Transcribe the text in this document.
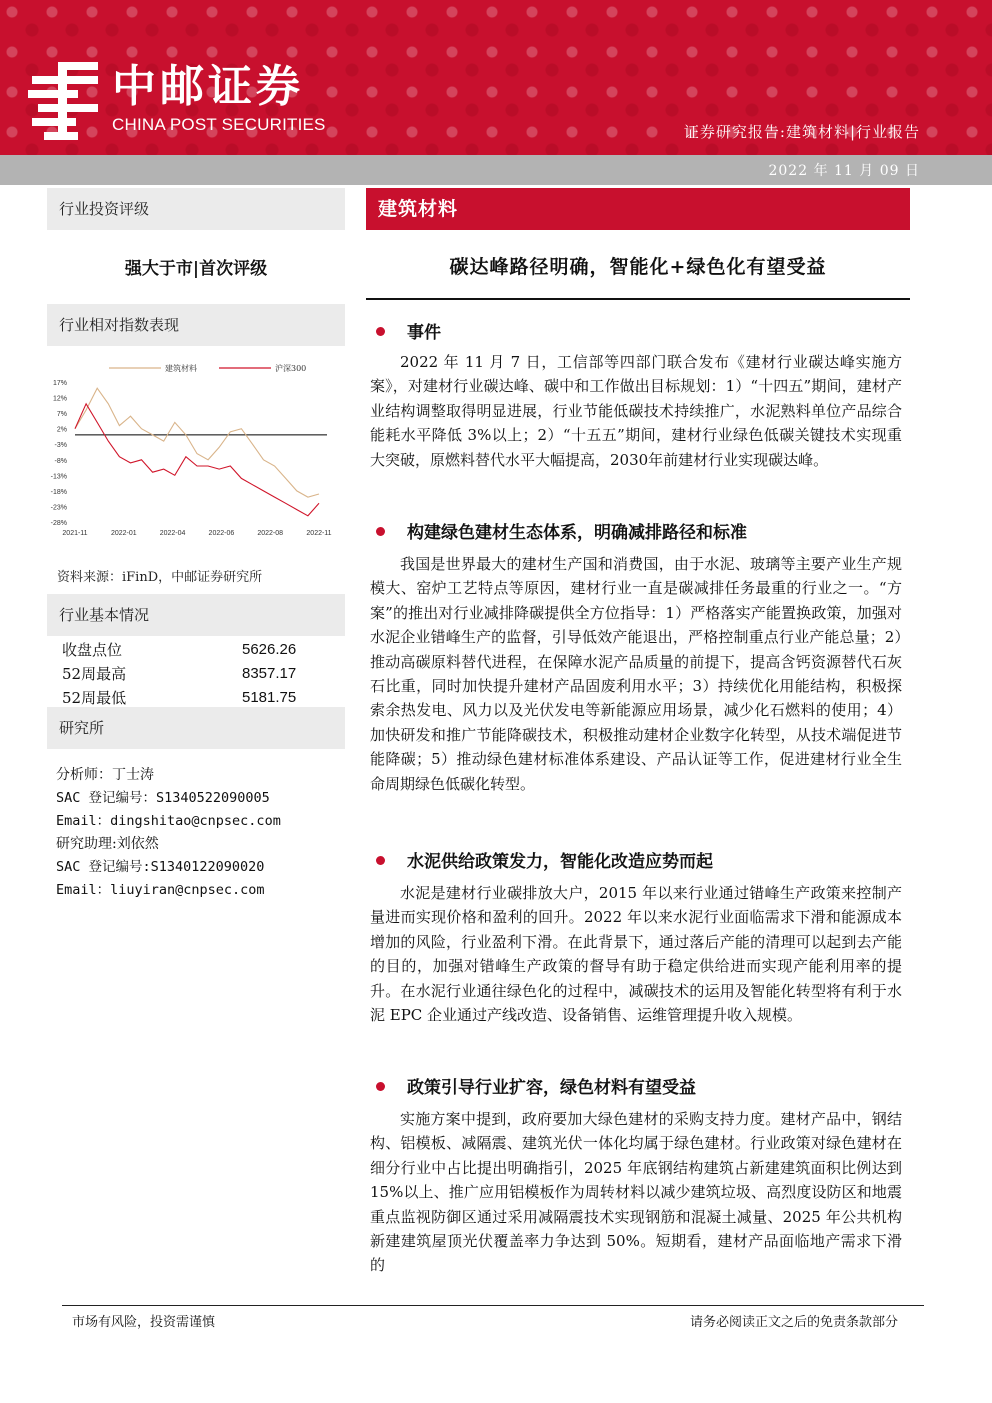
中邮证券
CHINA POST SECURITIES	证券研究报告:建筑材料|行业报告
2022 年 11 月 09 日
行业投资评级
强大于市|首次评级
行业相对指数表现
17%
12%
7%
2%
-3%
-8%
-13%
-18%
-23%
-28%
2021-11	2022-01	2022-04	2022-06	2022-08	2022-11
建筑材料	沪深300
资料来源：iFinD，中邮证券研究所
行业基本情况
收盘点位	5626.26
52周最高	8357.17
52周最低	5181.75
研究所
分析师：丁士涛
SAC 登记编号：S1340522090005
Email：dingshitao@cnpsec.com
研究助理:刘依然
SAC 登记编号:S1340122090020
Email：liuyiran@cnpsec.com
建筑材料
碳达峰路径明确，智能化+绿色化有望受益
事件
2022 年 11 月 7 日，工信部等四部门联合发布《建材行业碳达峰实施方案》，对建材行业碳达峰、碳中和工作做出目标规划：1）“十四五”期间，建材产业结构调整取得明显进展，行业节能低碳技术持续推广，水泥熟料单位产品综合能耗水平降低 3%以上；2）“十五五”期间，建材行业绿色低碳关键技术实现重大突破，原燃料替代水平大幅提高，2030年前建材行业实现碳达峰。
构建绿色建材生态体系，明确减排路径和标准
我国是世界最大的建材生产国和消费国，由于水泥、玻璃等主要产业生产规模大、窑炉工艺特点等原因，建材行业一直是碳减排任务最重的行业之一。“方案”的推出对行业减排降碳提供全方位指导：1）严格落实产能置换政策，加强对水泥企业错峰生产的监督，引导低效产能退出，严格控制重点行业产能总量；2）推动高碳原料替代进程，在保障水泥产品质量的前提下，提高含钙资源替代石灰石比重，同时加快提升建材产品固废利用水平；3）持续优化用能结构，积极探索余热发电、风力以及光伏发电等新能源应用场景，减少化石燃料的使用；4）加快研发和推广节能降碳技术，积极推动建材企业数字化转型，从技术端促进节能降碳；5）推动绿色建材标准体系建设、产品认证等工作，促进建材行业全生命周期绿色低碳化转型。
水泥供给政策发力，智能化改造应势而起
水泥是建材行业碳排放大户，2015 年以来行业通过错峰生产政策来控制产量进而实现价格和盈利的回升。2022 年以来水泥行业面临需求下滑和能源成本增加的风险，行业盈利下滑。在此背景下，通过落后产能的清理可以起到去产能的目的，加强对错峰生产政策的督导有助于稳定供给进而实现产能利用率的提升。在水泥行业通往绿色化的过程中，减碳技术的运用及智能化转型将有利于水泥 EPC 企业通过产线改造、设备销售、运维管理提升收入规模。
政策引导行业扩容，绿色材料有望受益
实施方案中提到，政府要加大绿色建材的采购支持力度。建材产品中，钢结构、铝模板、减隔震、建筑光伏一体化均属于绿色建材。行业政策对绿色建材在细分行业中占比提出明确指引，2025 年底钢结构建筑占新建建筑面积比例达到 15%以上、推广应用铝模板作为周转材料以减少建筑垃圾、高烈度设防区和地震重点监视防御区通过采用减隔震技术实现钢筋和混凝土减量、2025 年公共机构新建建筑屋顶光伏覆盖率力争达到 50%。短期看，建材产品面临地产需求下滑的
市场有风险，投资需谨慎	请务必阅读正文之后的免责条款部分
